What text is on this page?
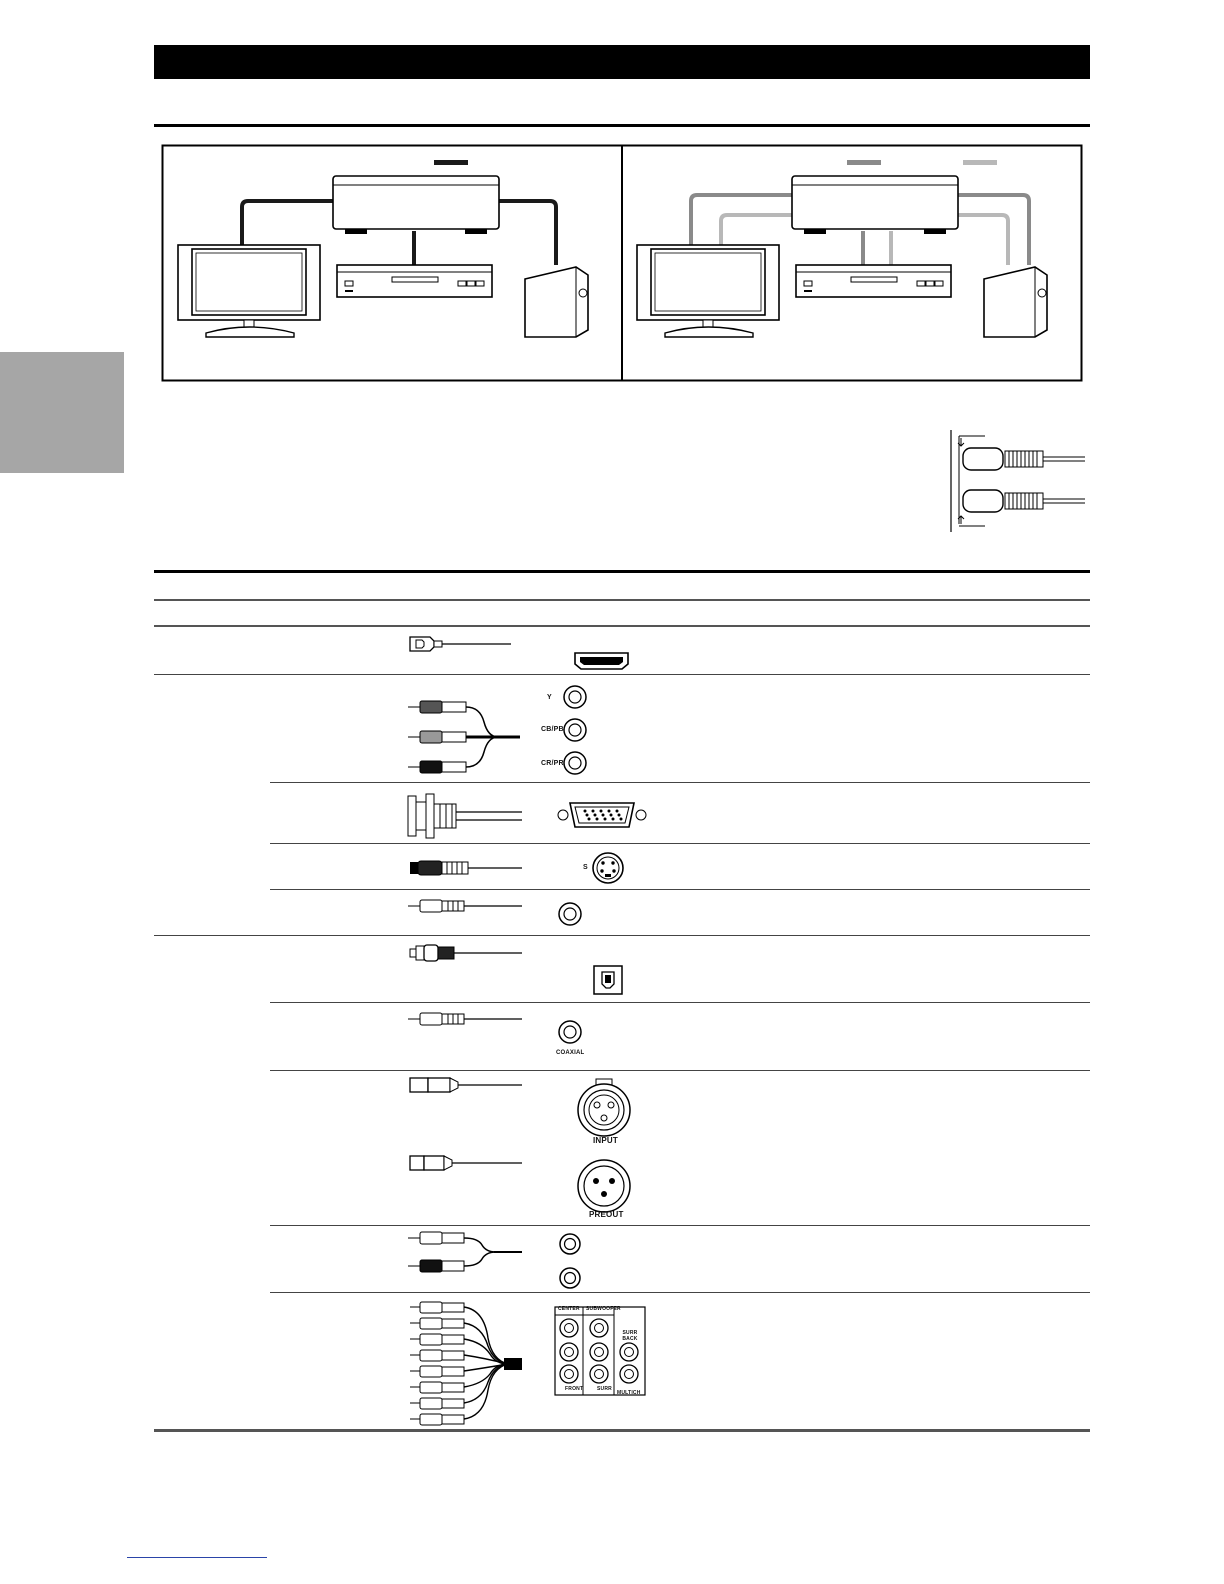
Y
CB/PB
CR/PR
S
COAXIAL
INPUT
PREOUT
CENTER SUBWOOFER
SURR BACK
FRONT	SURR
MULTICH
